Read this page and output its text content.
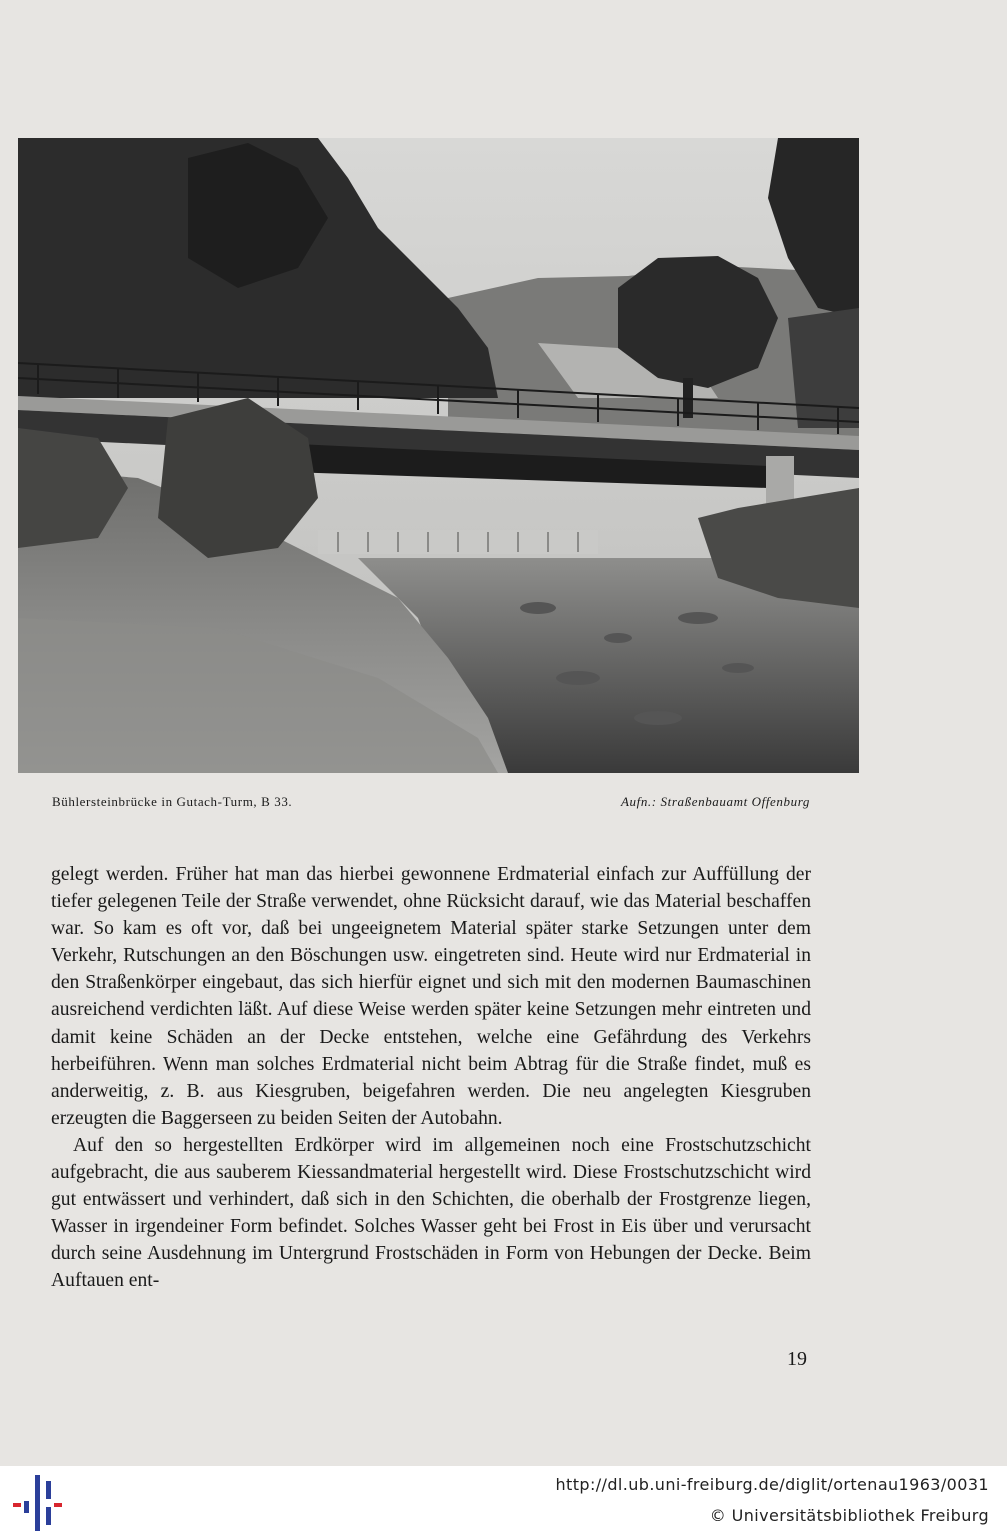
Bühlersteinbrücke in Gutach-Turm, B 33.	Aufn.: Straßenbauamt Offenburg

gelegt werden. Früher hat man das hierbei gewonnene Erdmaterial einfach zur Auffüllung der tiefer gelegenen Teile der Straße verwendet, ohne Rücksicht darauf, wie das Material beschaffen war. So kam es oft vor, daß bei ungeeignetem Material später starke Setzungen unter dem Verkehr, Rutschungen an den Böschungen usw. eingetreten sind. Heute wird nur Erdmaterial in den Straßenkörper eingebaut, das sich hierfür eignet und sich mit den modernen Baumaschinen ausreichend verdichten läßt. Auf diese Weise werden später keine Setzungen mehr eintreten und damit keine Schäden an der Decke entstehen, welche eine Gefährdung des Verkehrs herbeiführen. Wenn man solches Erdmaterial nicht beim Abtrag für die Straße findet, muß es anderweitig, z. B. aus Kiesgruben, beigefahren werden. Die neu angelegten Kiesgruben erzeugten die Baggerseen zu beiden Seiten der Autobahn.

Auf den so hergestellten Erdkörper wird im allgemeinen noch eine Frostschutzschicht aufgebracht, die aus sauberem Kiessandmaterial hergestellt wird. Diese Frostschutzschicht wird gut entwässert und verhindert, daß sich in den Schichten, die oberhalb der Frostgrenze liegen, Wasser in irgendeiner Form befindet. Solches Wasser geht bei Frost in Eis über und verursacht durch seine Ausdehnung im Untergrund Frostschäden in Form von Hebungen der Decke. Beim Auftauen ent-

19
http://dl.ub.uni-freiburg.de/diglit/ortenau1963/0031
© Universitätsbibliothek Freiburg
